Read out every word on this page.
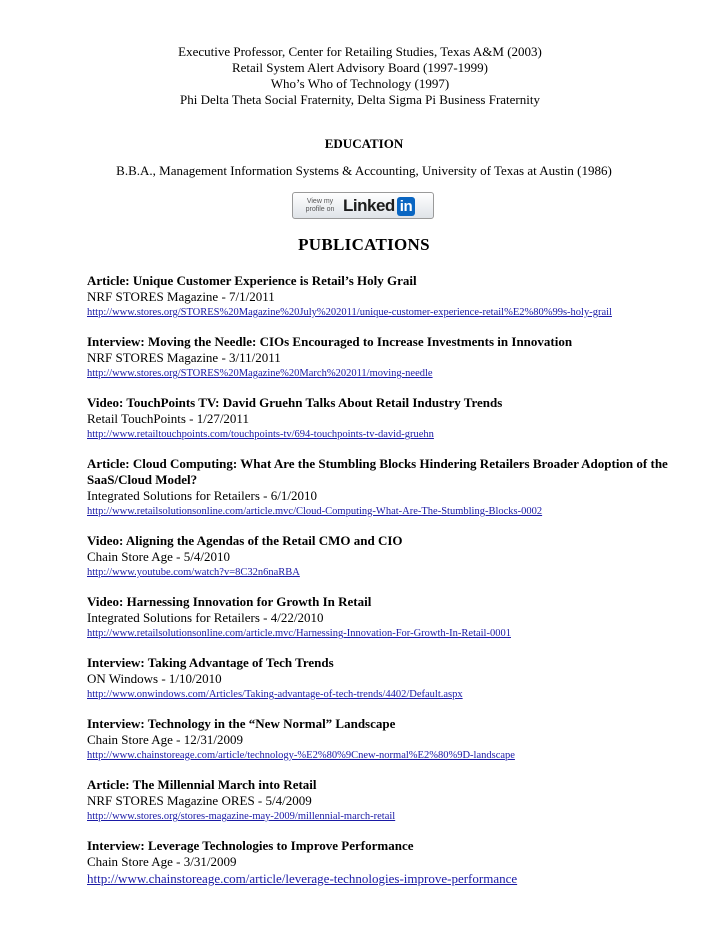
Executive Professor, Center for Retailing Studies, Texas A&M (2003)
Retail System Alert Advisory Board (1997-1999)
Who’s Who of Technology (1997)
Phi Delta Theta Social Fraternity, Delta Sigma Pi Business Fraternity
EDUCATION
B.B.A., Management Information Systems & Accounting, University of Texas at Austin (1986)
View my profile on Linked in
PUBLICATIONS
Article: Unique Customer Experience is Retail’s Holy Grail
NRF STORES Magazine - 7/1/2011
http://www.stores.org/STORES%20Magazine%20July%202011/unique-customer-experience-retail%E2%80%99s-holy-grail
Interview: Moving the Needle: CIOs Encouraged to Increase Investments in Innovation
NRF STORES Magazine - 3/11/2011
http://www.stores.org/STORES%20Magazine%20March%202011/moving-needle
Video: TouchPoints TV: David Gruehn Talks About Retail Industry Trends
Retail TouchPoints - 1/27/2011
http://www.retailtouchpoints.com/touchpoints-tv/694-touchpoints-tv-david-gruehn
Article: Cloud Computing: What Are the Stumbling Blocks Hindering Retailers Broader Adoption of the SaaS/Cloud Model?
Integrated Solutions for Retailers - 6/1/2010
http://www.retailsolutionsonline.com/article.mvc/Cloud-Computing-What-Are-The-Stumbling-Blocks-0002
Video: Aligning the Agendas of the Retail CMO and CIO
Chain Store Age - 5/4/2010
http://www.youtube.com/watch?v=8C32n6naRBA
Video: Harnessing Innovation for Growth In Retail
Integrated Solutions for Retailers - 4/22/2010
http://www.retailsolutionsonline.com/article.mvc/Harnessing-Innovation-For-Growth-In-Retail-0001
Interview: Taking Advantage of Tech Trends
ON Windows - 1/10/2010
http://www.onwindows.com/Articles/Taking-advantage-of-tech-trends/4402/Default.aspx
Interview: Technology in the “New Normal” Landscape
Chain Store Age - 12/31/2009
http://www.chainstoreage.com/article/technology-%E2%80%9Cnew-normal%E2%80%9D-landscape
Article: The Millennial March into Retail
NRF STORES Magazine ORES - 5/4/2009
http://www.stores.org/stores-magazine-may-2009/millennial-march-retail
Interview: Leverage Technologies to Improve Performance
Chain Store Age - 3/31/2009
http://www.chainstoreage.com/article/leverage-technologies-improve-performance
